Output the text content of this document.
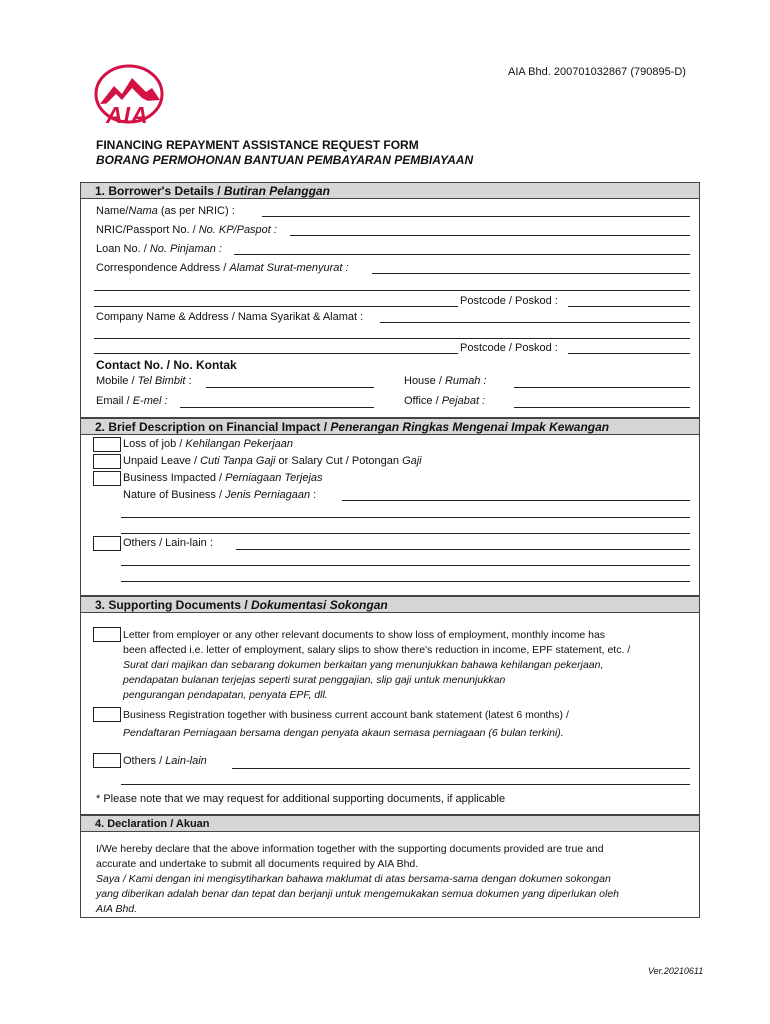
AIA
AIA Bhd. 200701032867 (790895-D)
FINANCING REPAYMENT ASSISTANCE REQUEST FORM
BORANG PERMOHONAN BANTUAN PEMBAYARAN PEMBIAYAAN
1. Borrower's Details / Butiran Pelanggan
Name/Nama (as per NRIC) :
NRIC/Passport No. / No. KP/Paspot :
Loan No. / No. Pinjaman :
Correspondence Address / Alamat Surat-menyurat :
Postcode / Poskod :
Company Name & Address / Nama Syarikat & Alamat :
Postcode / Poskod :
Contact No. / No. Kontak
Mobile / Tel Bimbit :	House / Rumah :
Email / E-mel :	Office / Pejabat :
2. Brief Description on Financial Impact / Penerangan Ringkas Mengenai Impak Kewangan
Loss of job / Kehilangan Pekerjaan
Unpaid Leave / Cuti Tanpa Gaji or Salary Cut / Potongan Gaji
Business Impacted / Perniagaan Terjejas
Nature of Business / Jenis Perniagaan :
Others / Lain-lain :
3. Supporting Documents / Dokumentasi Sokongan
Letter from employer or any other relevant documents to show loss of employment, monthly income has
been affected i.e. letter of employment, salary slips to show there's reduction in income, EPF statement, etc. /
Surat dari majikan dan sebarang dokumen berkaitan yang menunjukkan bahawa kehilangan pekerjaan,
pendapatan bulanan terjejas seperti surat penggajian, slip gaji untuk menunjukkan
pengurangan pendapatan, penyata EPF, dll.
Business Registration together with business current account bank statement (latest 6 months) /
Pendaftaran Perniagaan bersama dengan penyata akaun semasa perniagaan (6 bulan terkini).
Others / Lain-lain
* Please note that we may request for additional supporting documents, if applicable
4. Declaration / Akuan
I/We hereby declare that the above information together with the supporting documents provided are true and
accurate and undertake to submit all documents required by AIA Bhd.
Saya / Kami dengan ini mengisytiharkan bahawa maklumat di atas bersama-sama dengan dokumen sokongan
yang diberikan adalah benar dan tepat dan berjanji untuk mengemukakan semua dokumen yang diperlukan oleh
AIA Bhd.
Ver.20210611
